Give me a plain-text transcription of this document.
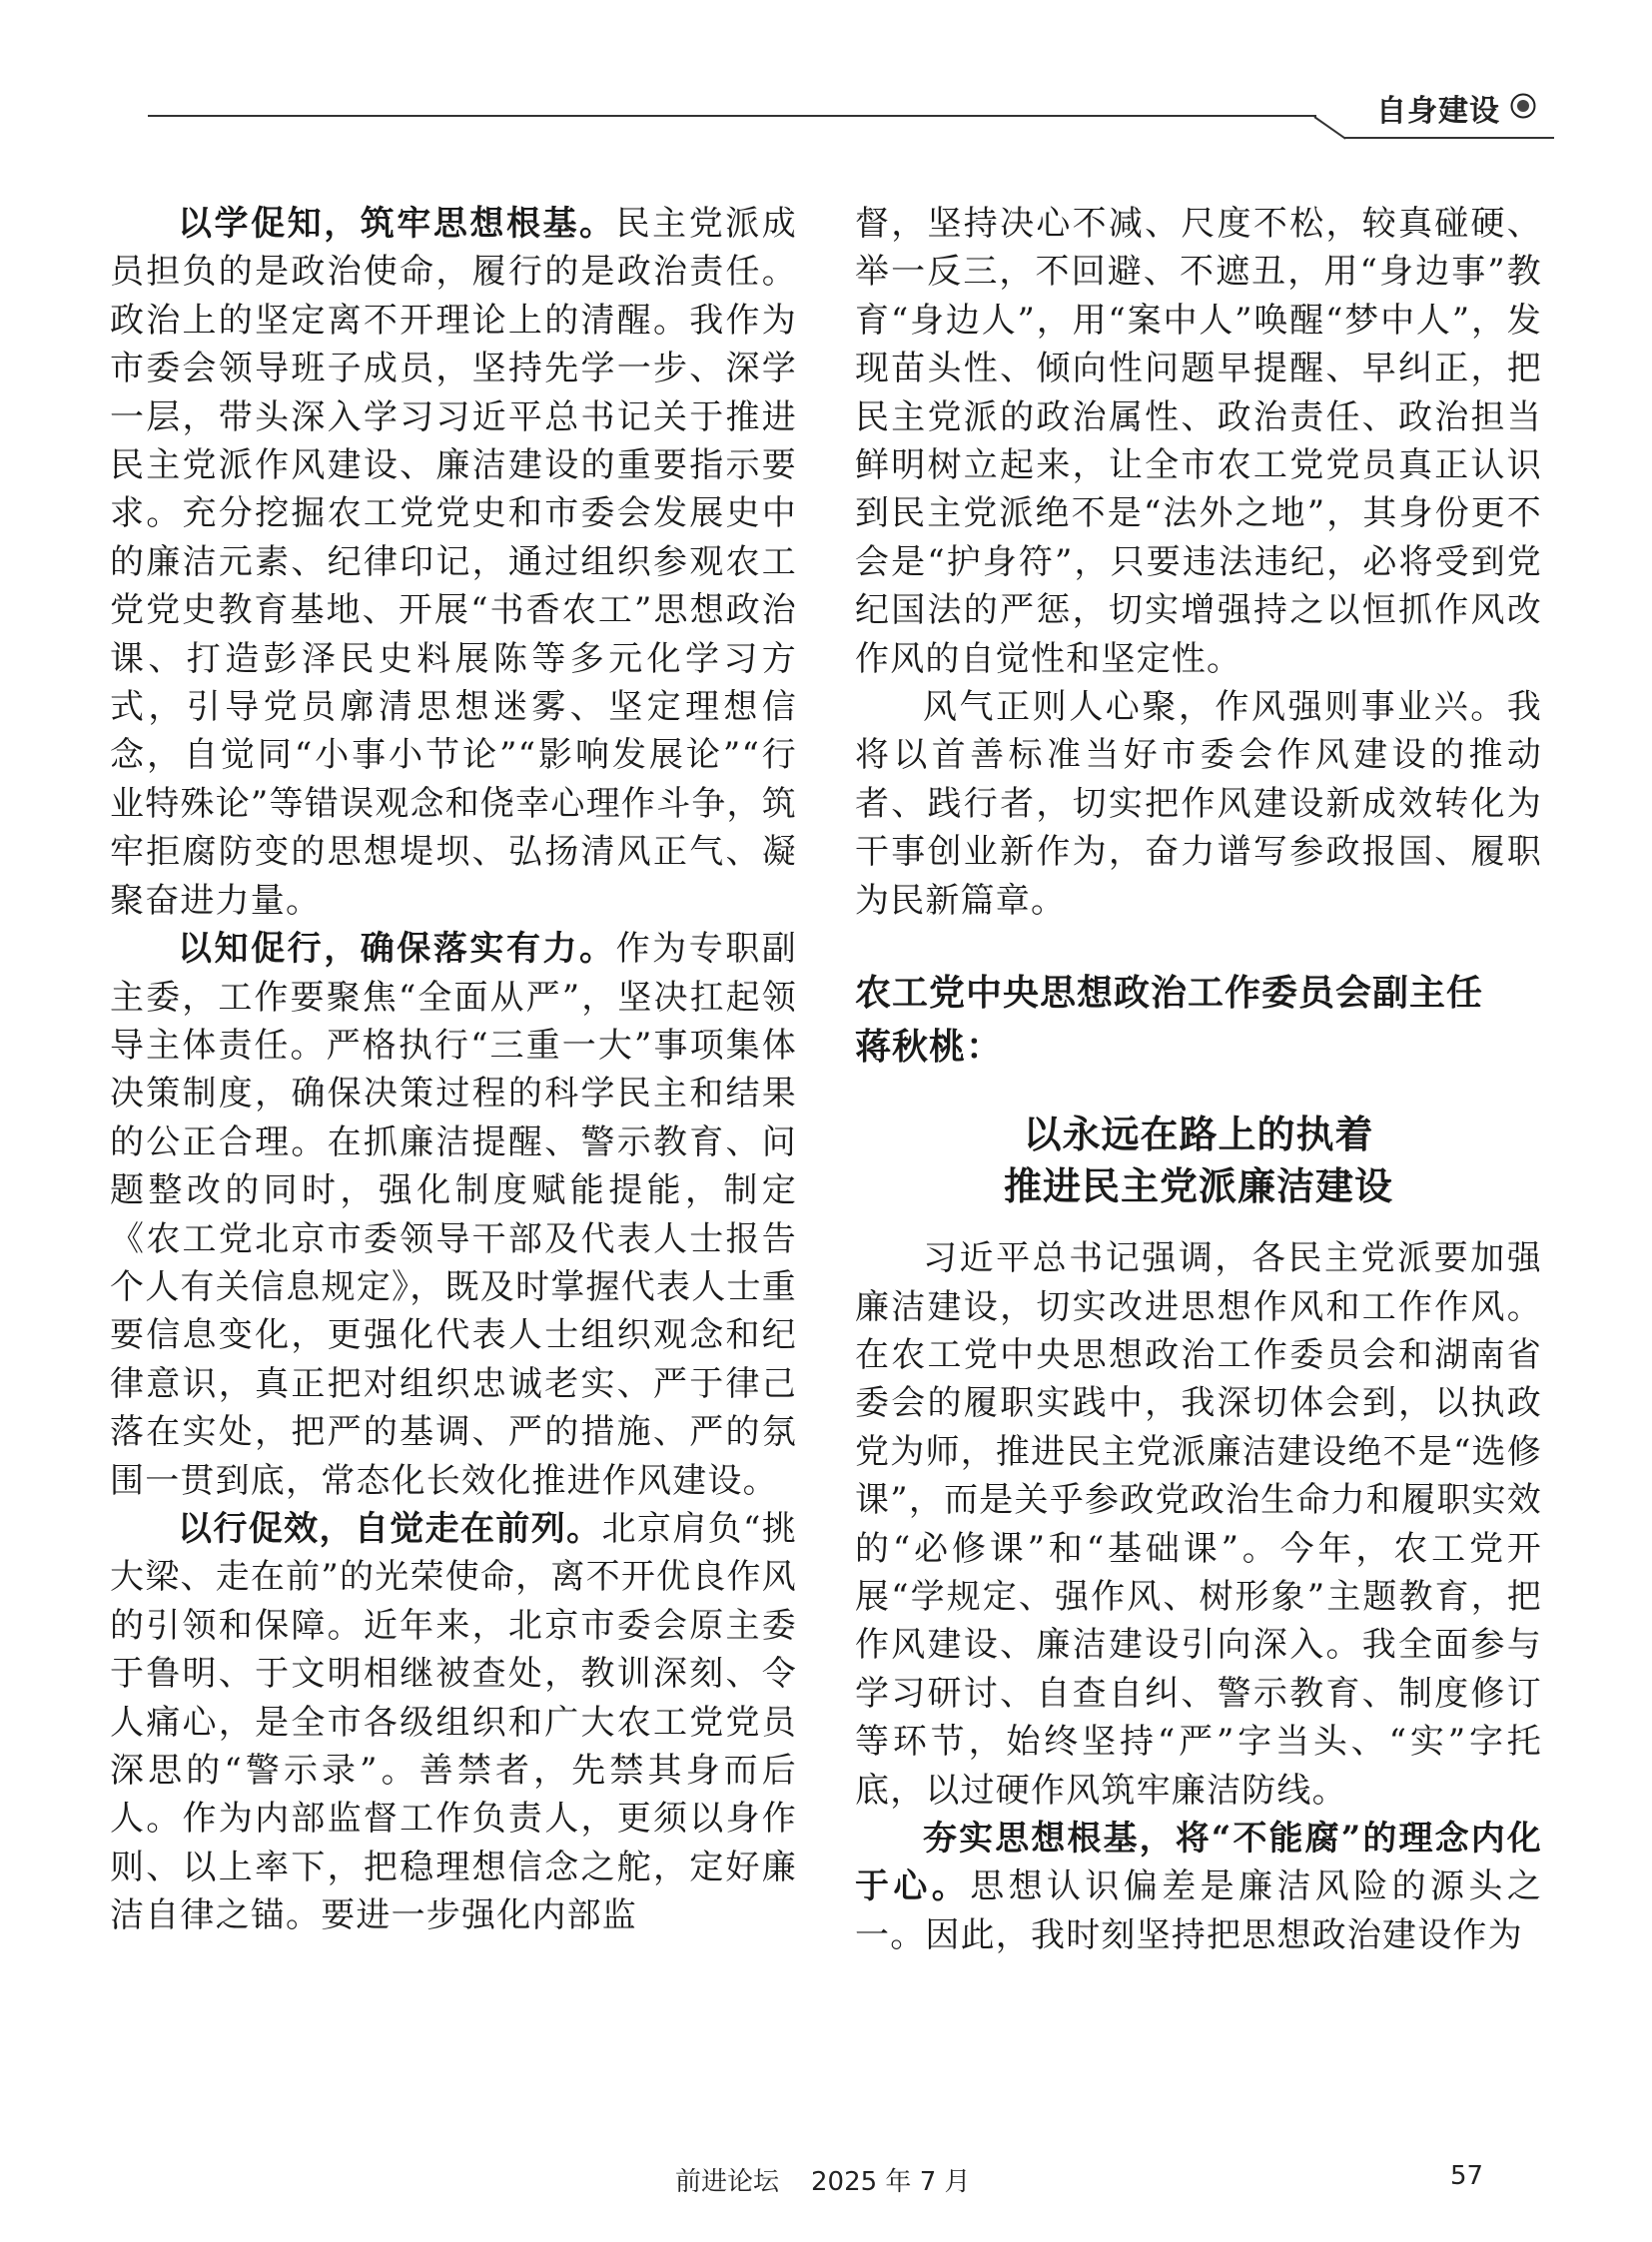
自身建设

以学促知，筑牢思想根基。民主党派成员担负的是政治使命，履行的是政治责任。政治上的坚定离不开理论上的清醒。我作为市委会领导班子成员，坚持先学一步、深学一层，带头深入学习习近平总书记关于推进民主党派作风建设、廉洁建设的重要指示要求。充分挖掘农工党党史和市委会发展史中的廉洁元素、纪律印记，通过组织参观农工党党史教育基地、开展“书香农工”思想政治课、打造彭泽民史料展陈等多元化学习方式，引导党员廓清思想迷雾、坚定理想信念，自觉同“小事小节论”“影响发展论”“行业特殊论”等错误观念和侥幸心理作斗争，筑牢拒腐防变的思想堤坝、弘扬清风正气、凝聚奋进力量。

以知促行，确保落实有力。作为专职副主委，工作要聚焦“全面从严”，坚决扛起领导主体责任。严格执行“三重一大”事项集体决策制度，确保决策过程的科学民主和结果的公正合理。在抓廉洁提醒、警示教育、问题整改的同时，强化制度赋能提能，制定《农工党北京市委领导干部及代表人士报告个人有关信息规定》，既及时掌握代表人士重要信息变化，更强化代表人士组织观念和纪律意识，真正把对组织忠诚老实、严于律己落在实处，把严的基调、严的措施、严的氛围一贯到底，常态化长效化推进作风建设。

以行促效，自觉走在前列。北京肩负“挑大梁、走在前”的光荣使命，离不开优良作风的引领和保障。近年来，北京市委会原主委于鲁明、于文明相继被查处，教训深刻、令人痛心，是全市各级组织和广大农工党党员深思的“警示录”。善禁者，先禁其身而后人。作为内部监督工作负责人，更须以身作则、以上率下，把稳理想信念之舵，定好廉洁自律之锚。要进一步强化内部监

督，坚持决心不减、尺度不松，较真碰硬、举一反三，不回避、不遮丑，用“身边事”教育“身边人”，用“案中人”唤醒“梦中人”，发现苗头性、倾向性问题早提醒、早纠正，把民主党派的政治属性、政治责任、政治担当鲜明树立起来，让全市农工党党员真正认识到民主党派绝不是“法外之地”，其身份更不会是“护身符”，只要违法违纪，必将受到党纪国法的严惩，切实增强持之以恒抓作风改作风的自觉性和坚定性。

风气正则人心聚，作风强则事业兴。我将以首善标准当好市委会作风建设的推动者、践行者，切实把作风建设新成效转化为干事创业新作为，奋力谱写参政报国、履职为民新篇章。

农工党中央思想政治工作委员会副主任
蒋秋桃：
以永远在路上的执着
推进民主党派廉洁建设

习近平总书记强调，各民主党派要加强廉洁建设，切实改进思想作风和工作作风。在农工党中央思想政治工作委员会和湖南省委会的履职实践中，我深切体会到，以执政党为师，推进民主党派廉洁建设绝不是“选修课”，而是关乎参政党政治生命力和履职实效的“必修课”和“基础课”。今年，农工党开展“学规定、强作风、树形象”主题教育，把作风建设、廉洁建设引向深入。我全面参与学习研讨、自查自纠、警示教育、制度修订等环节，始终坚持“严”字当头、“实”字托底，以过硬作风筑牢廉洁防线。

夯实思想根基，将“不能腐”的理念内化于心。思想认识偏差是廉洁风险的源头之一。因此，我时刻坚持把思想政治建设作为

前进论坛 2025 年 7 月	57
